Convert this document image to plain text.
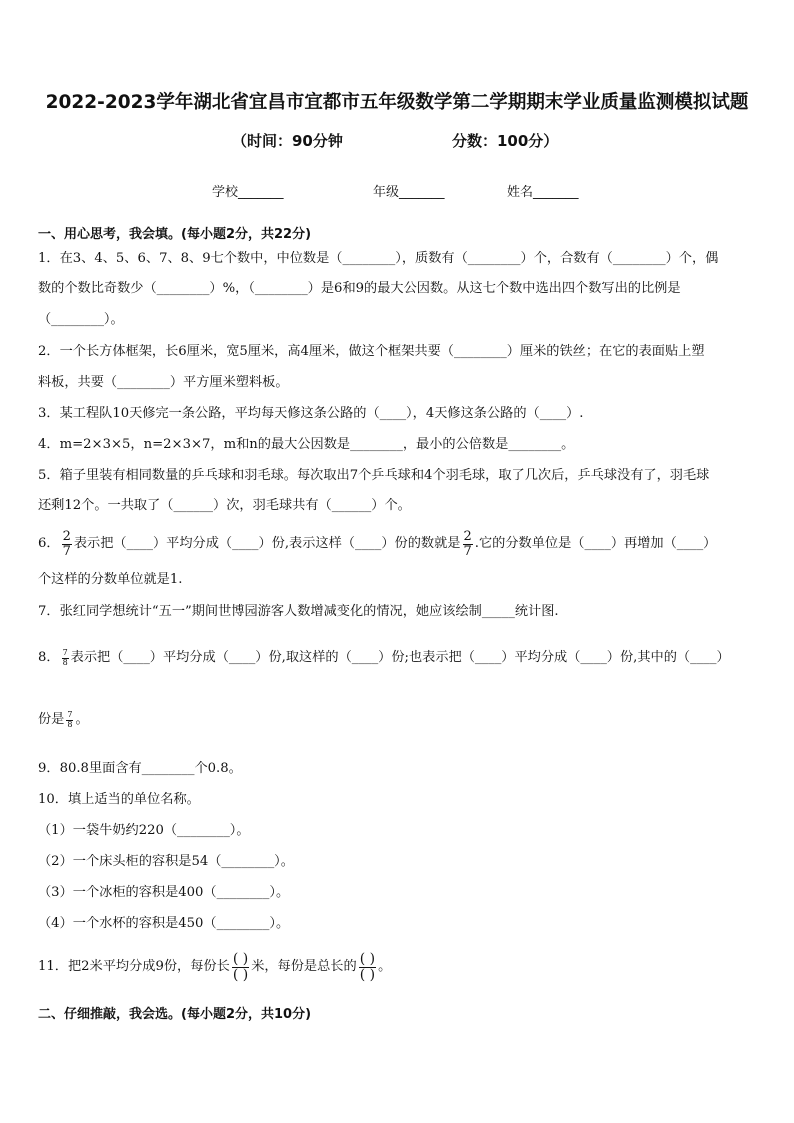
2022-2023学年湖北省宜昌市宜都市五年级数学第二学期期末学业质量监测模拟试题
（时间：90分钟	分数：100分）
学校_______	年级_______	姓名_______
一、用心思考，我会填。(每小题2分，共22分)
1．在3、4、5、6、7、8、9七个数中，中位数是（________），质数有（________）个，合数有（________）个，偶
数的个数比奇数少（________）%，（________）是6和9的最大公因数。从这七个数中选出四个数写出的比例是
（________）。
2．一个长方体框架，长6厘米，宽5厘米，高4厘米，做这个框架共要（________）厘米的铁丝；在它的表面贴上塑
料板，共要（________）平方厘米塑料板。
3．某工程队10天修完一条公路，平均每天修这条公路的（____），4天修这条公路的（____）.
4．m=2×3×5，n=2×3×7，m和n的最大公因数是________，最小的公倍数是________。
5．箱子里装有相同数量的乒乓球和羽毛球。每次取出7个乒乓球和4个羽毛球，取了几次后，乒乓球没有了，羽毛球
还剩12个。一共取了（______）次，羽毛球共有（______）个。
6． $\frac{2}{7}$ 表示把（____）平均分成（____）份,表示这样（____）份的数就是 $\frac{2}{7}$ .它的分数单位是（____）再增加（____）
个这样的分数单位就是1.
7．张红同学想统计“五一”期间世博园游客人数增减变化的情况，她应该绘制_____统计图.
8． $\frac{7}{8}$ 表示把（____）平均分成（____）份,取这样的（____）份;也表示把（____）平均分成（____）份,其中的（____）
份是 $\frac{7}{8}$ 。
9．80.8里面含有________个0.8。
10．填上适当的单位名称。
（1）一袋牛奶约220（________）。
（2）一个床头柜的容积是54（________）。
（3）一个冰柜的容积是400（________）。
（4）一个水杯的容积是450（________）。
11．把2米平均分成9份，每份长 $\frac{( )}{( )}$ 米，每份是总长的 $\frac{( )}{( )}$ 。
二、仔细推敲，我会选。(每小题2分，共10分)
